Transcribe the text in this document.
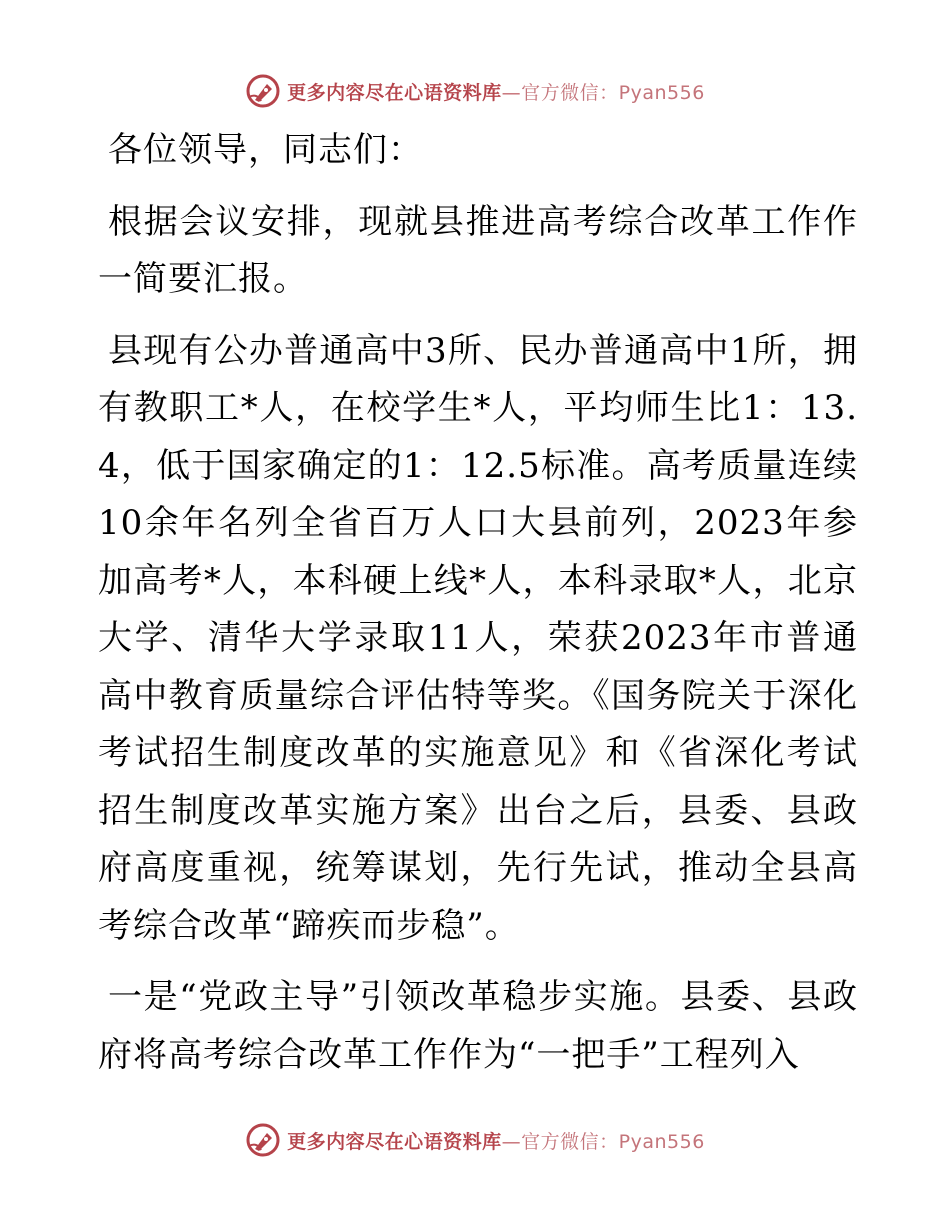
更多内容尽在心语资料库—官方微信：Pyan556

各位领导，同志们：

根据会议安排，现就县推进高考综合改革工作作一简要汇报。

县现有公办普通高中3所、民办普通高中1所，拥有教职工*人，在校学生*人，平均师生比1：13.4，低于国家确定的1：12.5标准。高考质量连续10余年名列全省百万人口大县前列，2023年参加高考*人，本科硬上线*人，本科录取*人，北京大学、清华大学录取11人，荣获2023年市普通高中教育质量综合评估特等奖。《国务院关于深化考试招生制度改革的实施意见》和《省深化考试招生制度改革实施方案》出台之后，县委、县政府高度重视，统筹谋划，先行先试，推动全县高考综合改革“蹄疾而步稳”。

一是“党政主导”引领改革稳步实施。县委、县政府将高考综合改革工作作为“一把手”工程列入

更多内容尽在心语资料库—官方微信：Pyan556
